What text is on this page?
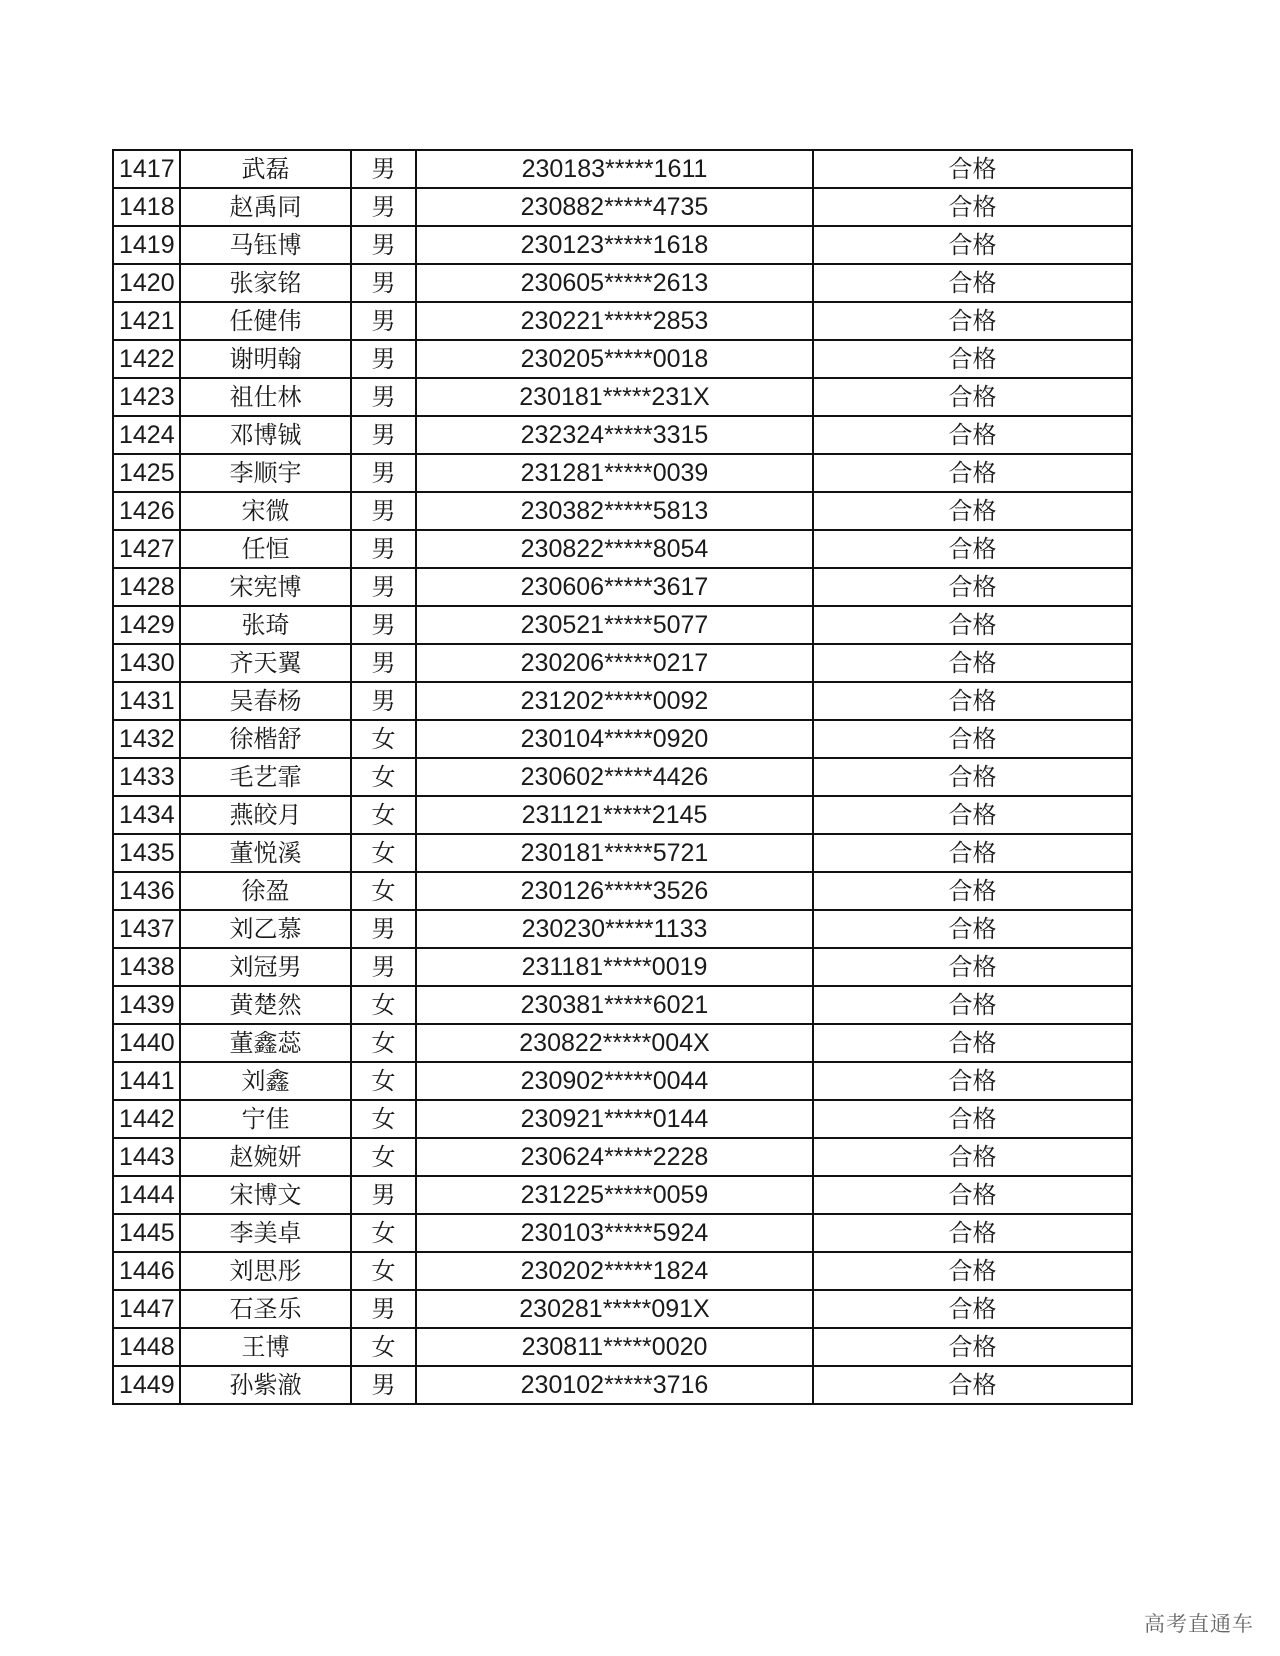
1417	武磊	男	230183*****1611	合格
1418	赵禹同	男	230882*****4735	合格
1419	马钰博	男	230123*****1618	合格
1420	张家铭	男	230605*****2613	合格
1421	任健伟	男	230221*****2853	合格
1422	谢明翰	男	230205*****0018	合格
1423	祖仕林	男	230181*****231X	合格
1424	邓博铖	男	232324*****3315	合格
1425	李顺宇	男	231281*****0039	合格
1426	宋微	男	230382*****5813	合格
1427	任恒	男	230822*****8054	合格
1428	宋宪博	男	230606*****3617	合格
1429	张琦	男	230521*****5077	合格
1430	齐天翼	男	230206*****0217	合格
1431	吴春杨	男	231202*****0092	合格
1432	徐楷舒	女	230104*****0920	合格
1433	毛艺霏	女	230602*****4426	合格
1434	燕皎月	女	231121*****2145	合格
1435	董悦溪	女	230181*****5721	合格
1436	徐盈	女	230126*****3526	合格
1437	刘乙慕	男	230230*****1133	合格
1438	刘冠男	男	231181*****0019	合格
1439	黄楚然	女	230381*****6021	合格
1440	董鑫蕊	女	230822*****004X	合格
1441	刘鑫	女	230902*****0044	合格
1442	宁佳	女	230921*****0144	合格
1443	赵婉妍	女	230624*****2228	合格
1444	宋博文	男	231225*****0059	合格
1445	李美卓	女	230103*****5924	合格
1446	刘思彤	女	230202*****1824	合格
1447	石圣乐	男	230281*****091X	合格
1448	王博	女	230811*****0020	合格
1449	孙紫澈	男	230102*****3716	合格
高考直通车
